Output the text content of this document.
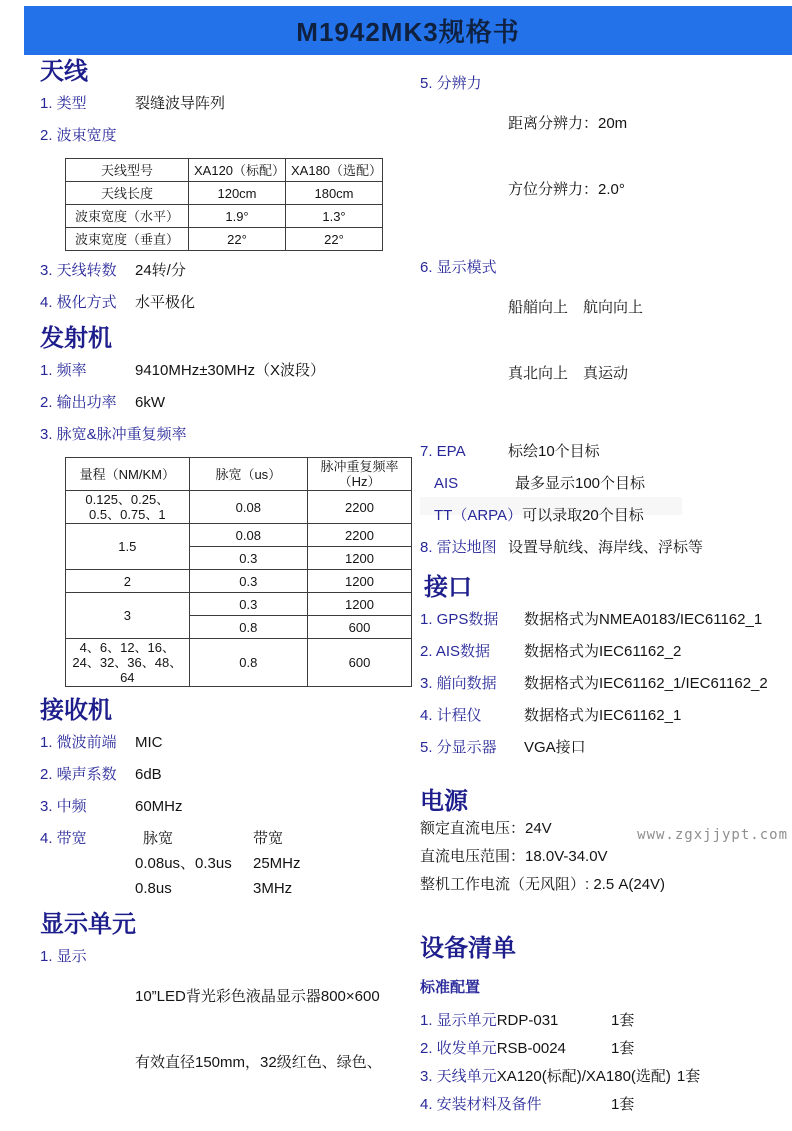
M1942MK3规格书
天线
1. 类型	裂缝波导阵列
2. 波束宽度
天线型号	XA120（标配）	XA180（选配）
天线长度	120cm	180cm
波束宽度（水平）	1.9°	1.3°
波束宽度（垂直）	22°	22°
3. 天线转数	24转/分
4. 极化方式	水平极化
发射机
1. 频率	9410MHz±30MHz（X波段）
2. 输出功率	6kW
3. 脉宽&脉冲重复频率
量程（NM/KM）	脉宽（us）	脉冲重复频率（Hz）
0.125、0.25、0.5、0.75、1	0.08	2200
1.5	0.08	2200
	0.3	1200
2	0.3	1200
3	0.3	1200
	0.8	600
4、6、12、16、24、32、36、48、64	0.8	600
接收机
1. 微波前端	MIC
2. 噪声系数	6dB
3. 中频	60MHz
4. 带宽	脉宽	带宽
0.08us、0.3us	25MHz
0.8us	3MHz
显示单元
1. 显示

10”LED背光彩色液晶显示器800×600

有效直径150mm，32级红色、绿色、

5. 分辨力

距离分辨力：20m

方位分辨力：2.0°

6. 显示模式

船艏向上　航向向上

真北向上　真运动

7. EPA	标绘10个目标
AIS	最多显示100个目标
TT（ARPA） 可以录取20个目标
8. 雷达地图 设置导航线、海岸线、浮标等
接口
1. GPS数据	数据格式为NMEA0183/IEC61162_1
2. AIS数据	数据格式为IEC61162_2
3. 艏向数据	数据格式为IEC61162_1/IEC61162_2
4. 计程仪	数据格式为IEC61162_1
5. 分显示器	VGA接口
电源
额定直流电压：24V
直流电压范围：18.0V-34.0V
整机工作电流（无风阻）: 2.5 A(24V)
设备清单
标准配置
1. 显示单元RDP-031	1套
2. 收发单元RSB-0024	1套
3. 天线单元XA120(标配)/XA180(选配) 1套
4. 安装材料及备件	1套
www.zgxjjypt.com
